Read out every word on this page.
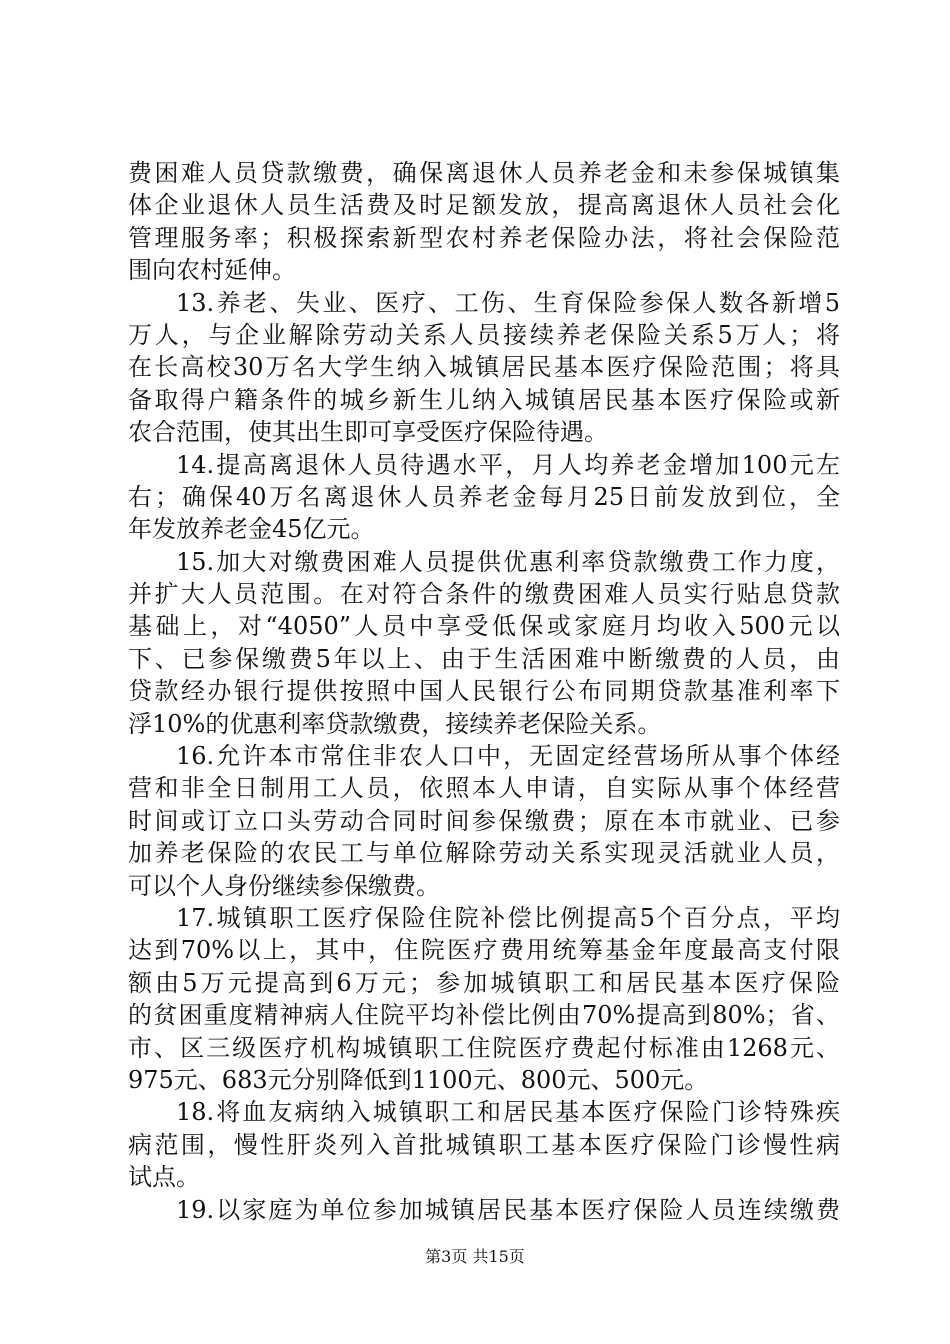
费困难人员贷款缴费，确保离退休人员养老金和未参保城镇集
体企业退休人员生活费及时足额发放，提高离退休人员社会化
管理服务率；积极探索新型农村养老保险办法，将社会保险范
围向农村延伸。
13.养老、失业、医疗、工伤、生育保险参保人数各新增5
万人，与企业解除劳动关系人员接续养老保险关系5万人；将
在长高校30万名大学生纳入城镇居民基本医疗保险范围；将具
备取得户籍条件的城乡新生儿纳入城镇居民基本医疗保险或新
农合范围，使其出生即可享受医疗保险待遇。
14.提高离退休人员待遇水平，月人均养老金增加100元左
右；确保40万名离退休人员养老金每月25日前发放到位，全
年发放养老金45亿元。
15.加大对缴费困难人员提供优惠利率贷款缴费工作力度，
并扩大人员范围。在对符合条件的缴费困难人员实行贴息贷款
基础上，对“4050”人员中享受低保或家庭月均收入500元以
下、已参保缴费5年以上、由于生活困难中断缴费的人员，由
贷款经办银行提供按照中国人民银行公布同期贷款基准利率下
浮10%的优惠利率贷款缴费，接续养老保险关系。
16.允许本市常住非农人口中，无固定经营场所从事个体经
营和非全日制用工人员，依照本人申请，自实际从事个体经营
时间或订立口头劳动合同时间参保缴费；原在本市就业、已参
加养老保险的农民工与单位解除劳动关系实现灵活就业人员，
可以个人身份继续参保缴费。
17.城镇职工医疗保险住院补偿比例提高5个百分点，平均
达到70%以上，其中，住院医疗费用统筹基金年度最高支付限
额由5万元提高到6万元；参加城镇职工和居民基本医疗保险
的贫困重度精神病人住院平均补偿比例由70%提高到80%；省、
市、区三级医疗机构城镇职工住院医疗费起付标准由1268元、
975元、683元分别降低到1100元、800元、500元。
18.将血友病纳入城镇职工和居民基本医疗保险门诊特殊疾
病范围，慢性肝炎列入首批城镇职工基本医疗保险门诊慢性病
试点。
19.以家庭为单位参加城镇居民基本医疗保险人员连续缴费
第3页 共15页
